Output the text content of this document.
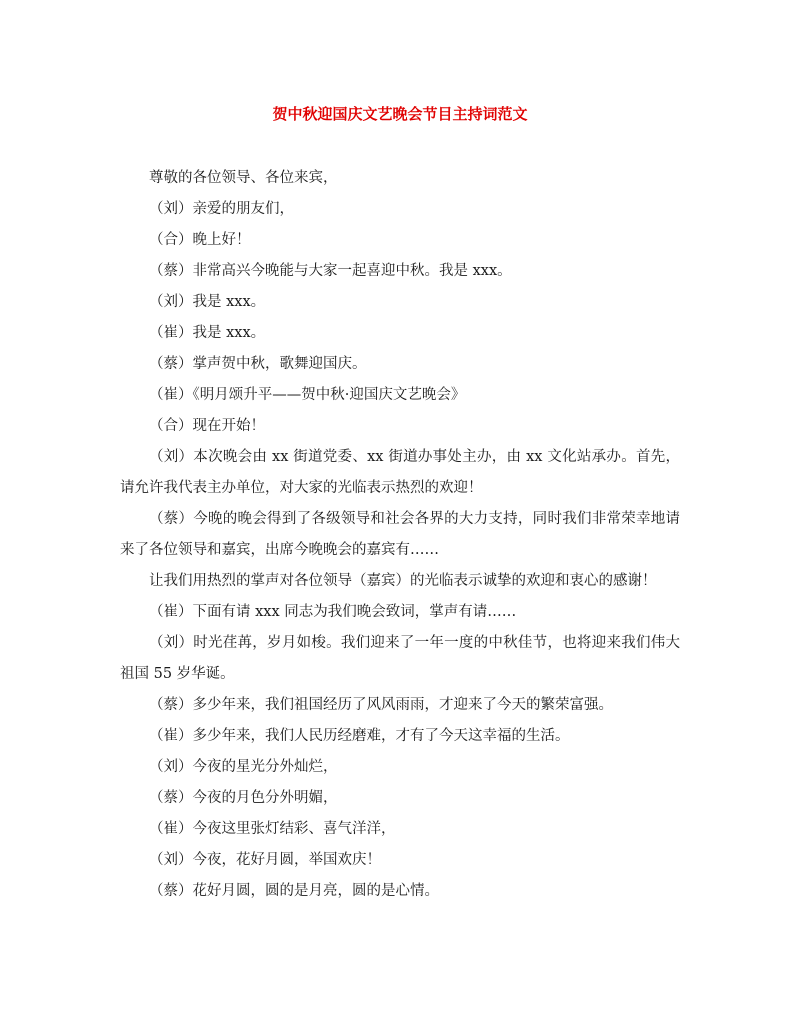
贺中秋迎国庆文艺晚会节目主持词范文

尊敬的各位领导、各位来宾，

（刘）亲爱的朋友们，

（合）晚上好！

（蔡）非常高兴今晚能与大家一起喜迎中秋。我是 xxx。

（刘）我是 xxx。

（崔）我是 xxx。

（蔡）掌声贺中秋，歌舞迎国庆。

（崔）《明月颂升平——贺中秋·迎国庆文艺晚会》

（合）现在开始！

（刘）本次晚会由 xx 街道党委、xx 街道办事处主办，由 xx 文化站承办。首先，请允许我代表主办单位，对大家的光临表示热烈的欢迎！

（蔡）今晚的晚会得到了各级领导和社会各界的大力支持，同时我们非常荣幸地请来了各位领导和嘉宾，出席今晚晚会的嘉宾有……

让我们用热烈的掌声对各位领导（嘉宾）的光临表示诚挚的欢迎和衷心的感谢！

（崔）下面有请 xxx 同志为我们晚会致词，掌声有请……

（刘）时光荏苒，岁月如梭。我们迎来了一年一度的中秋佳节，也将迎来我们伟大祖国 55 岁华诞。

（蔡）多少年来，我们祖国经历了风风雨雨，才迎来了今天的繁荣富强。

（崔）多少年来，我们人民历经磨难，才有了今天这幸福的生活。

（刘）今夜的星光分外灿烂，

（蔡）今夜的月色分外明媚，

（崔）今夜这里张灯结彩、喜气洋洋，

（刘）今夜，花好月圆，举国欢庆！

（蔡）花好月圆，圆的是月亮，圆的是心情。
